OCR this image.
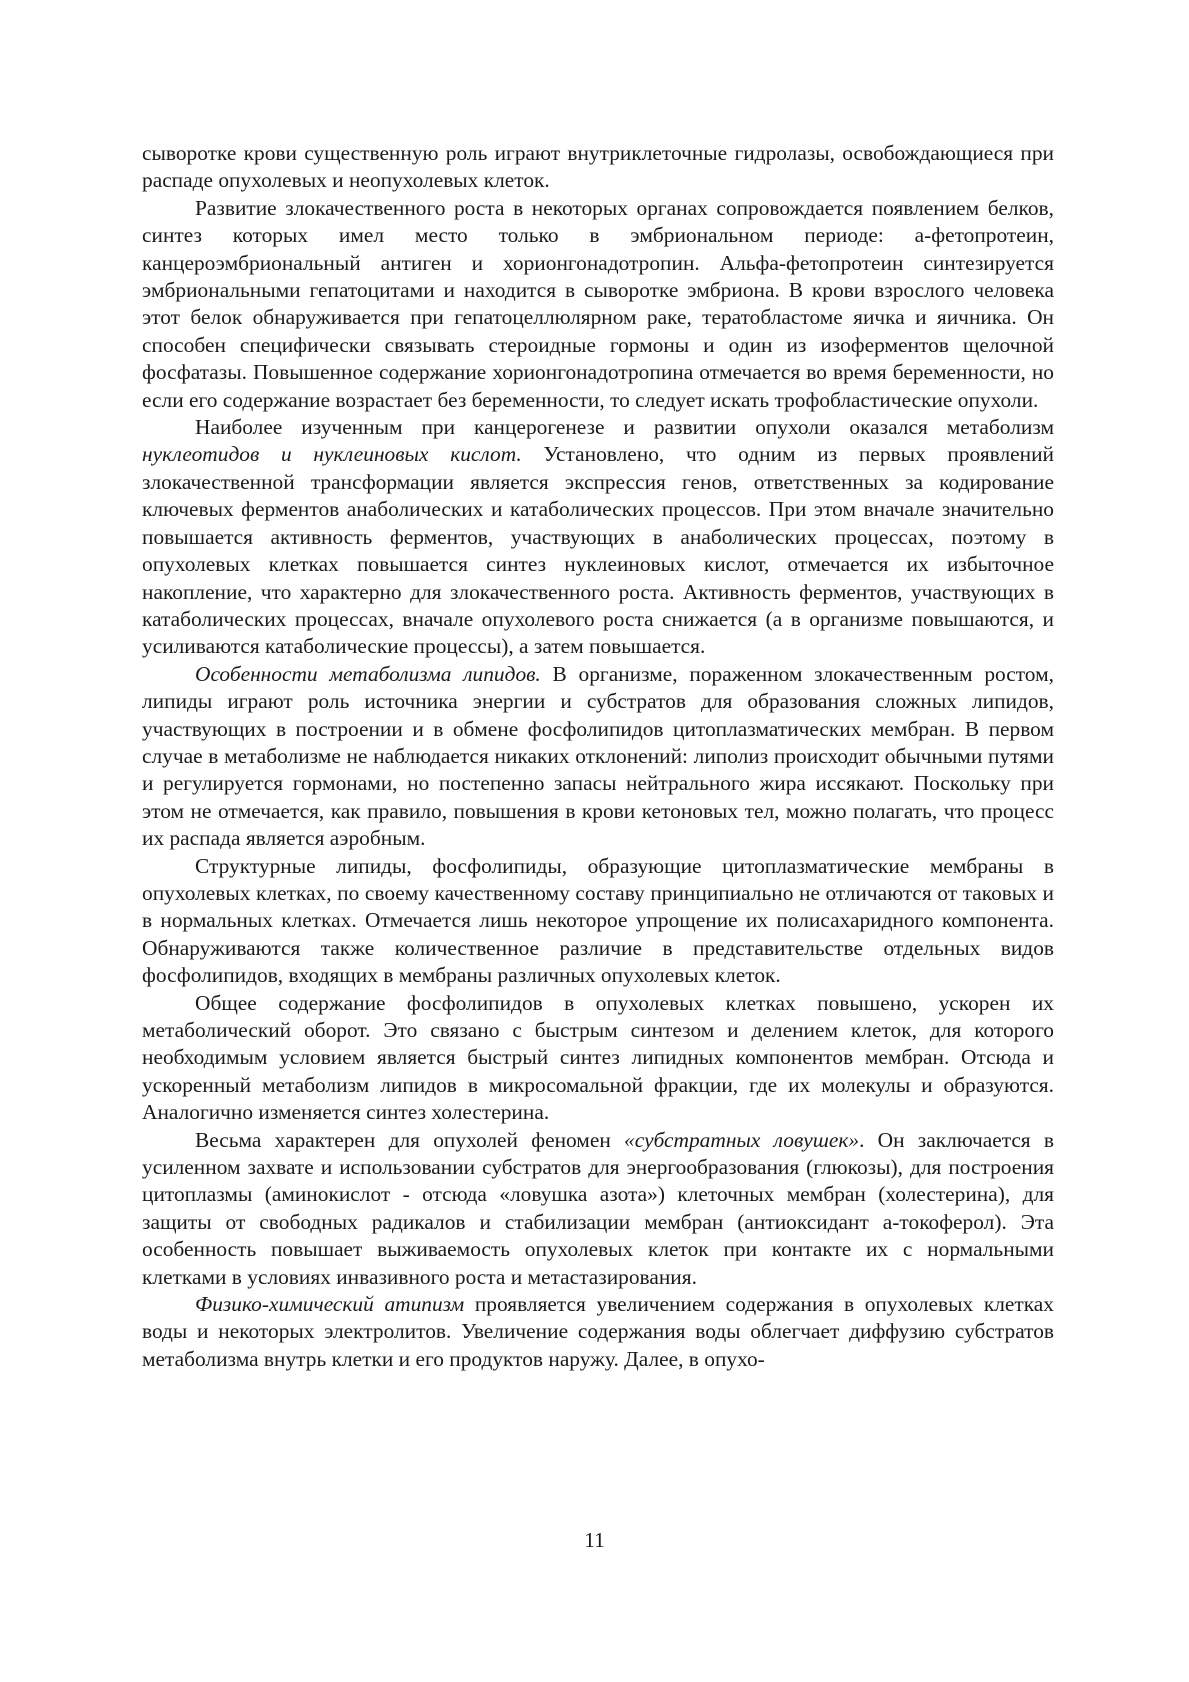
сыворотке крови существенную роль играют внутриклеточные гидролазы, освобождающиеся при распаде опухолевых и неопухолевых клеток.

Развитие злокачественного роста в некоторых органах сопровождается появлением белков, синтез которых имел место только в эмбриональном периоде: а-фетопротеин, канцероэмбриональный антиген и хорионгонадотропин. Альфа-фетопротеин синтезируется эмбриональными гепатоцитами и находится в сыворотке эмбриона. В крови взрослого человека этот белок обнаруживается при гепатоцеллюлярном раке, тератобластоме яичка и яичника. Он способен специфически связывать стероидные гормоны и один из изоферментов щелочной фосфатазы. Повышенное содержание хорионгонадотропина отмечается во время беременности, но если его содержание возрастает без беременности, то следует искать трофобластические опухоли.

Наиболее изученным при канцерогенезе и развитии опухоли оказался метаболизм нуклеотидов и нуклеиновых кислот. Установлено, что одним из первых проявлений злокачественной трансформации является экспрессия генов, ответственных за кодирование ключевых ферментов анаболических и катаболических процессов. При этом вначале значительно повышается активность ферментов, участвующих в анаболических процессах, поэтому в опухолевых клетках повышается синтез нуклеиновых кислот, отмечается их избыточное накопление, что характерно для злокачественного роста. Активность ферментов, участвующих в катаболических процессах, вначале опухолевого роста снижается (а в организме повышаются, и усиливаются катаболические процессы), а затем повышается.

Особенности метаболизма липидов. В организме, пораженном злокачественным ростом, липиды играют роль источника энергии и субстратов для образования сложных липидов, участвующих в построении и в обмене фосфолипидов цитоплазматических мембран. В первом случае в метаболизме не наблюдается никаких отклонений: липолиз происходит обычными путями и регулируется гормонами, но постепенно запасы нейтрального жира иссякают. Поскольку при этом не отмечается, как правило, повышения в крови кетоновых тел, можно полагать, что процесс их распада является аэробным.

Структурные липиды, фосфолипиды, образующие цитоплазматические мембраны в опухолевых клетках, по своему качественному составу принципиально не отличаются от таковых и в нормальных клетках. Отмечается лишь некоторое упрощение их полисахаридного компонента. Обнаруживаются также количественное различие в представительстве отдельных видов фосфолипидов, входящих в мембраны различных опухолевых клеток.

Общее содержание фосфолипидов в опухолевых клетках повышено, ускорен их метаболический оборот. Это связано с быстрым синтезом и делением клеток, для которого необходимым условием является быстрый синтез липидных компонентов мембран. Отсюда и ускоренный метаболизм липидов в микросомальной фракции, где их молекулы и образуются. Аналогично изменяется синтез холестерина.

Весьма характерен для опухолей феномен «субстратных ловушек». Он заключается в усиленном захвате и использовании субстратов для энергообразования (глюкозы), для построения цитоплазмы (аминокислот - отсюда «ловушка азота») клеточных мембран (холестерина), для защиты от свободных радикалов и стабилизации мембран (антиоксидант а-токоферол). Эта особенность повышает выживаемость опухолевых клеток при контакте их с нормальными клетками в условиях инвазивного роста и метастазирования.

Физико-химический атипизм проявляется увеличением содержания в опухолевых клетках воды и некоторых электролитов. Увеличение содержания воды облегчает диффузию субстратов метаболизма внутрь клетки и его продуктов наружу. Далее, в опухо-

11
